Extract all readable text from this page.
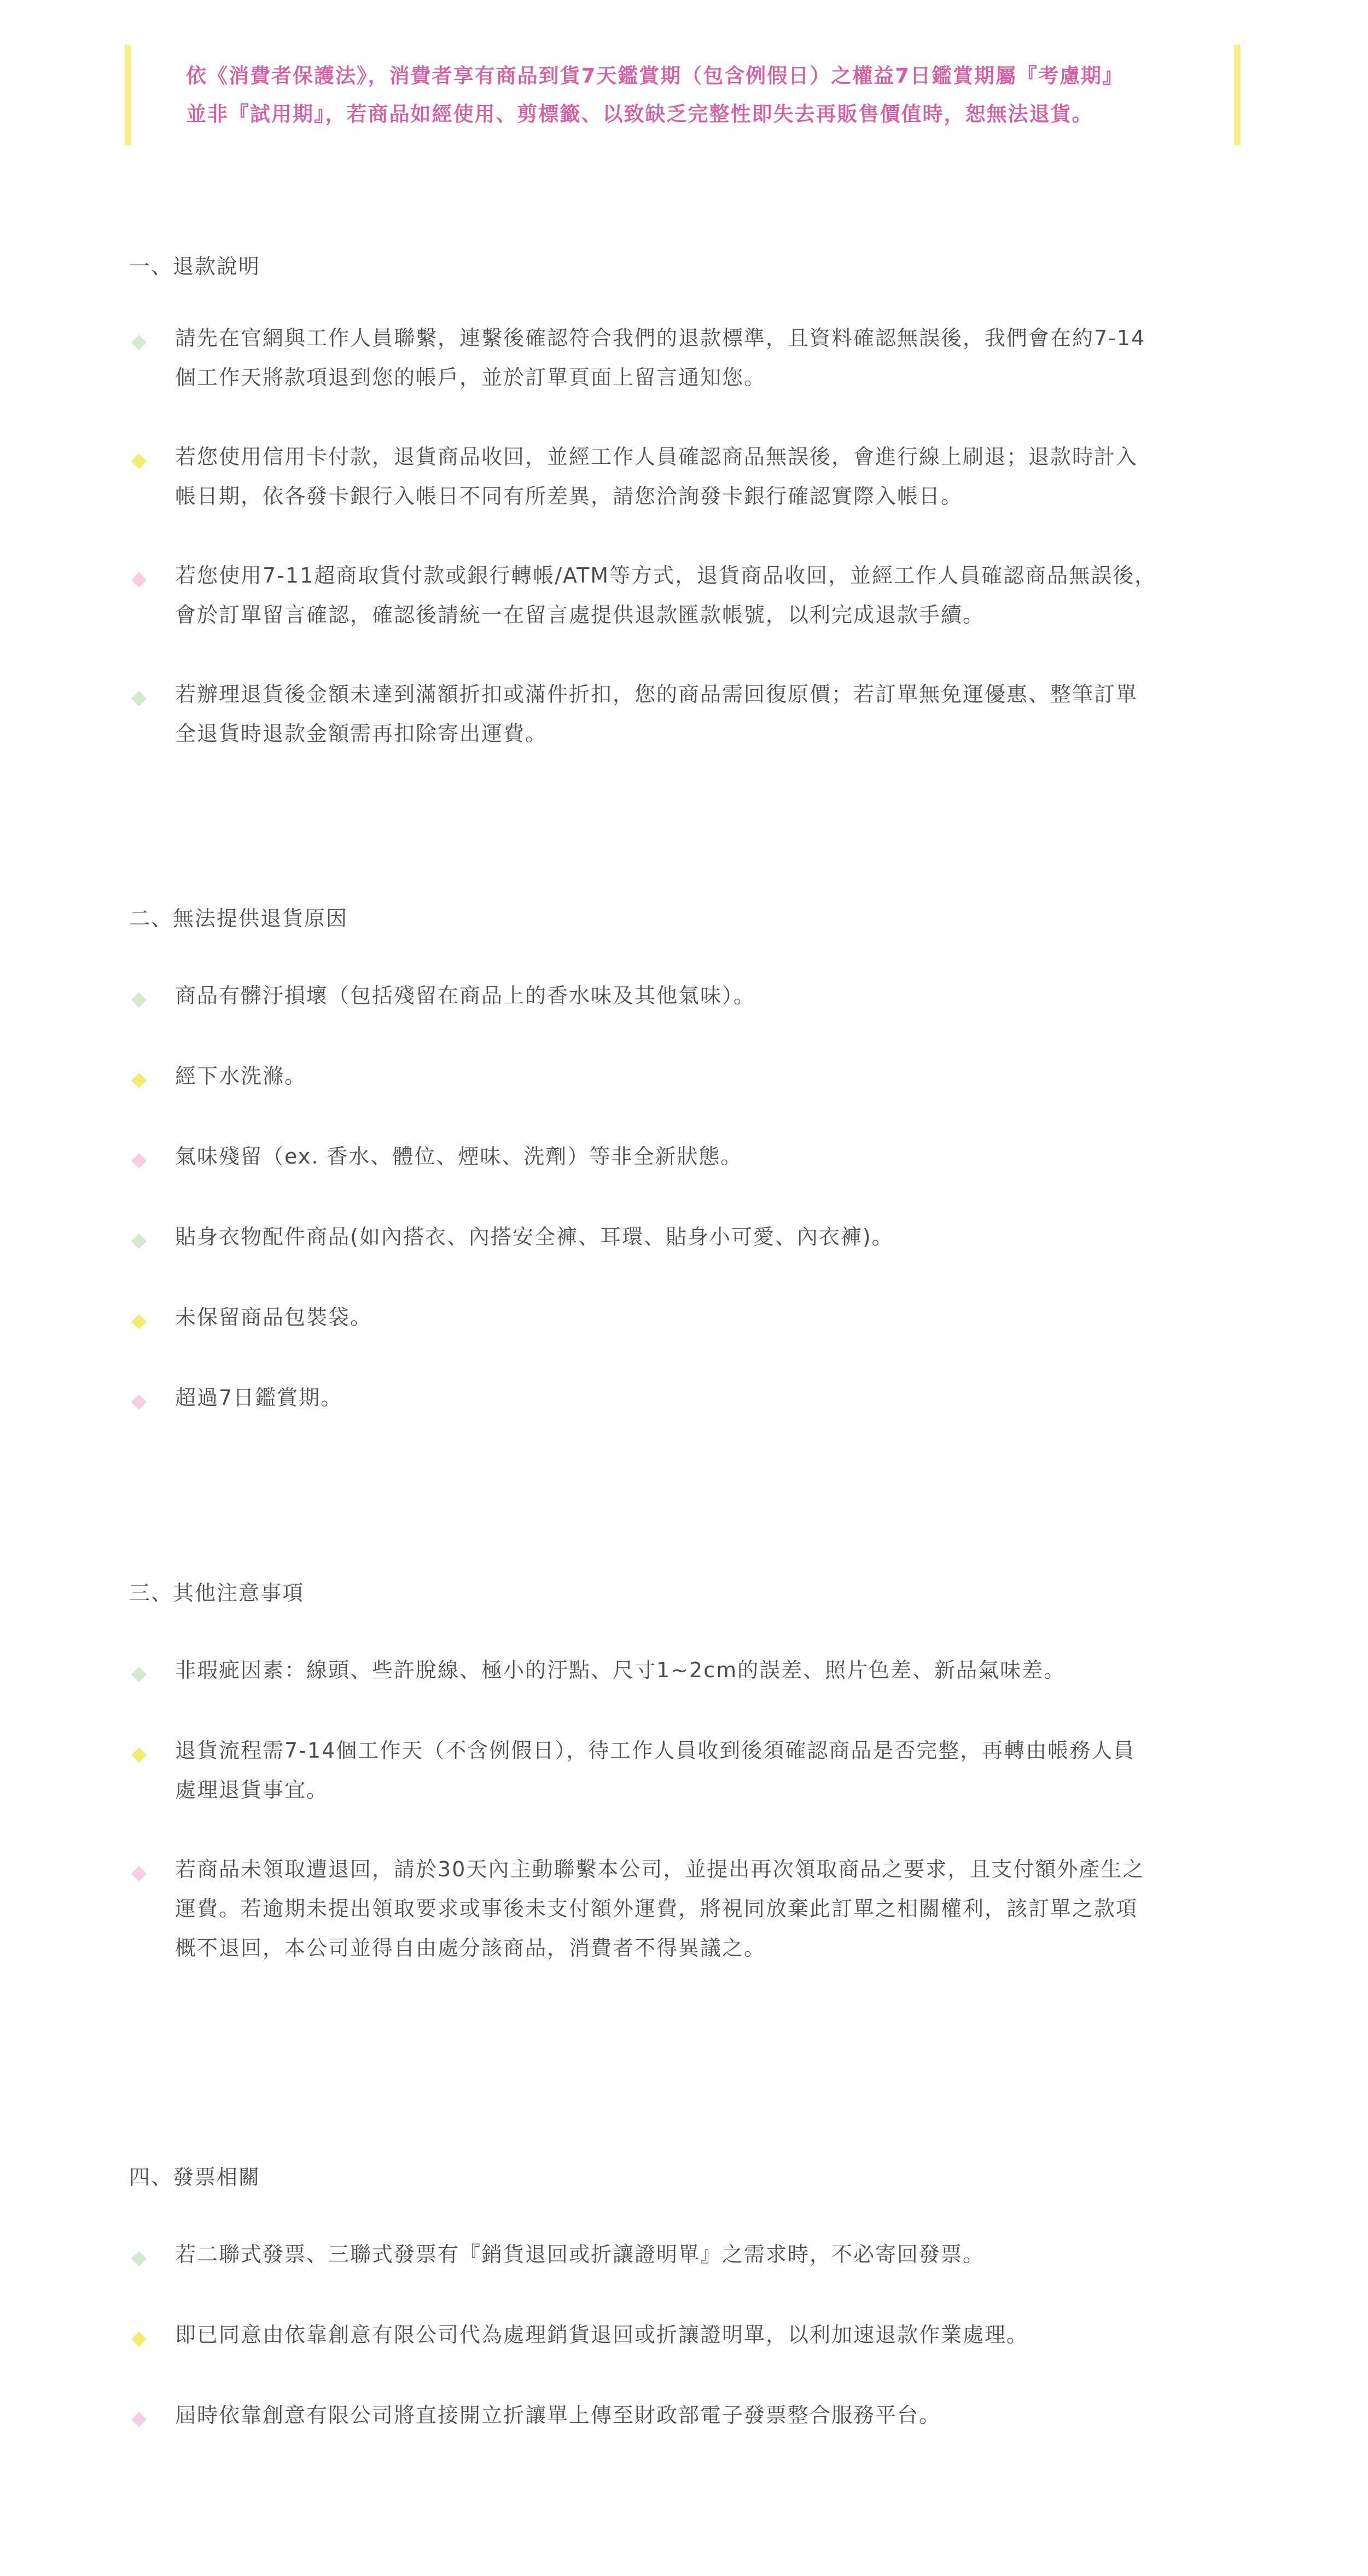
依《消費者保護法》，消費者享有商品到貨7天鑑賞期（包含例假日）之權益7日鑑賞期屬『考慮期』

並非『試用期』，若商品如經使用、剪標籤、以致缺乏完整性即失去再販售價值時，恕無法退貨。

一、退款說明
請先在官網與工作人員聯繫，連繫後確認符合我們的退款標準，且資料確認無誤後，我們會在約7-14
個工作天將款項退到您的帳戶，並於訂單頁面上留言通知您。
若您使用信用卡付款，退貨商品收回，並經工作人員確認商品無誤後，會進行線上刷退；退款時計入
帳日期，依各發卡銀行入帳日不同有所差異，請您洽詢發卡銀行確認實際入帳日。
若您使用7-11超商取貨付款或銀行轉帳/ATM等方式，退貨商品收回，並經工作人員確認商品無誤後，
會於訂單留言確認，確認後請統一在留言處提供退款匯款帳號，以利完成退款手續。
若辦理退貨後金額未達到滿額折扣或滿件折扣，您的商品需回復原價；若訂單無免運優惠、整筆訂單
全退貨時退款金額需再扣除寄出運費。
二、無法提供退貨原因
商品有髒汙損壞（包括殘留在商品上的香水味及其他氣味）。
經下水洗滌。
氣味殘留（ex. 香水、體位、煙味、洗劑）等非全新狀態。
貼身衣物配件商品(如內搭衣、內搭安全褲、耳環、貼身小可愛、內衣褲)。
未保留商品包裝袋。
超過7日鑑賞期。
三、其他注意事項
非瑕疵因素：線頭、些許脫線、極小的汙點、尺寸1~2cm的誤差、照片色差、新品氣味差。
退貨流程需7-14個工作天（不含例假日），待工作人員收到後須確認商品是否完整，再轉由帳務人員
處理退貨事宜。
若商品未領取遭退回，請於30天內主動聯繫本公司，並提出再次領取商品之要求，且支付額外產生之
運費。若逾期未提出領取要求或事後未支付額外運費，將視同放棄此訂單之相關權利，該訂單之款項
概不退回，本公司並得自由處分該商品，消費者不得異議之。
四、發票相關
若二聯式發票、三聯式發票有『銷貨退回或折讓證明單』之需求時，不必寄回發票。
即已同意由依靠創意有限公司代為處理銷貨退回或折讓證明單，以利加速退款作業處理。
屆時依靠創意有限公司將直接開立折讓單上傳至財政部電子發票整合服務平台。
